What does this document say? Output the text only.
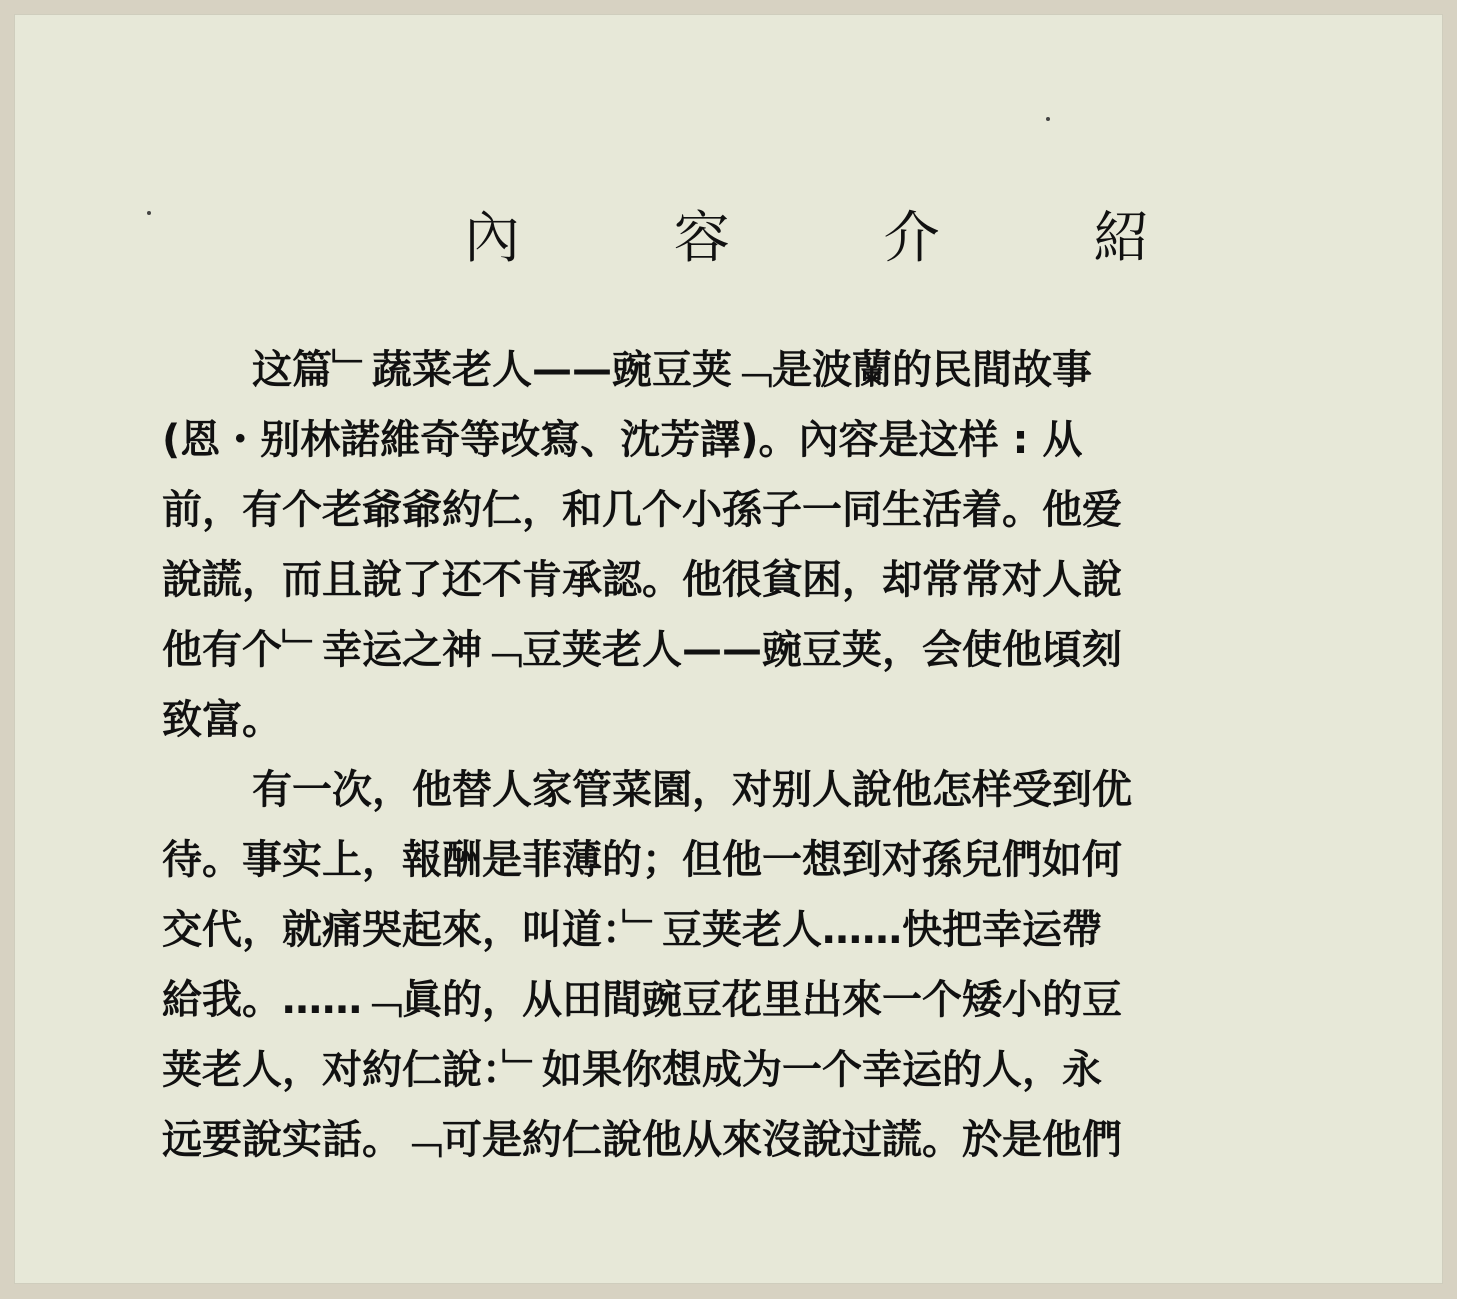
內 容 介 紹
这篇﹂蔬菜老人——豌豆荚﹁是波蘭的民間故事
(恩・别林諾維奇等改寫、沈芳譯)。內容是这样 : 从
前，有个老爺爺約仁，和几个小孫子一同生活着。他爱
說謊，而且說了还不肯承認。他很貧困，却常常对人說
他有个﹂幸运之神﹁豆荚老人——豌豆荚，会使他頃刻
致富。
有一次，他替人家管菜園，对别人說他怎样受到优
待。事实上，報酬是菲薄的；但他一想到对孫兒們如何
交代，就痛哭起來，叫道：﹂豆荚老人……快把幸运帶
給我。……﹁眞的，从田間豌豆花里出來一个矮小的豆
荚老人，对約仁說：﹂如果你想成为一个幸运的人，永
远要說实話。﹁可是約仁說他从來沒說过謊。於是他們
